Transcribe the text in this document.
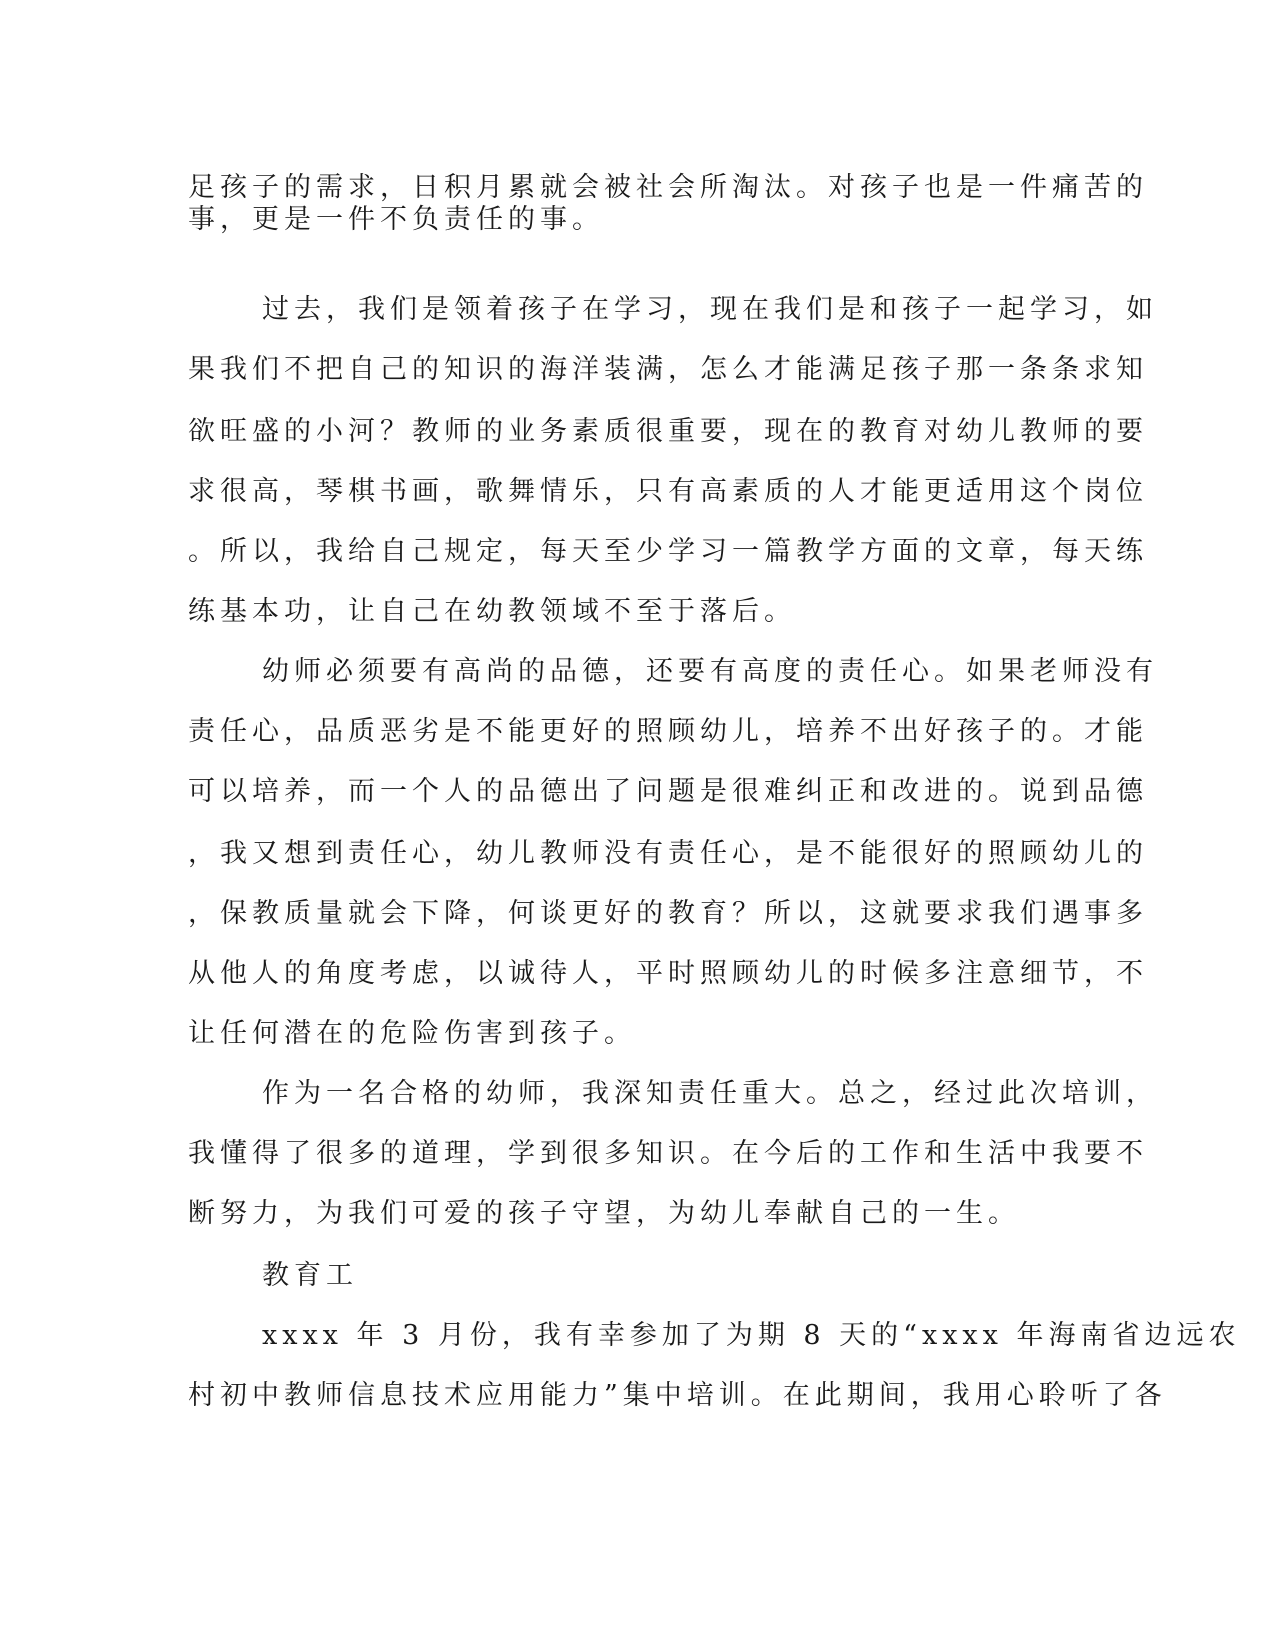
足孩子的需求，日积月累就会被社会所淘汰。对孩子也是一件痛苦的
事，更是一件不负责任的事。
过去，我们是领着孩子在学习，现在我们是和孩子一起学习，如
果我们不把自己的知识的海洋装满，怎么才能满足孩子那一条条求知
欲旺盛的小河？教师的业务素质很重要，现在的教育对幼儿教师的要
求很高，琴棋书画，歌舞情乐，只有高素质的人才能更适用这个岗位
。所以，我给自己规定，每天至少学习一篇教学方面的文章，每天练
练基本功，让自己在幼教领域不至于落后。
幼师必须要有高尚的品德，还要有高度的责任心。如果老师没有
责任心，品质恶劣是不能更好的照顾幼儿，培养不出好孩子的。才能
可以培养，而一个人的品德出了问题是很难纠正和改进的。说到品德
，我又想到责任心，幼儿教师没有责任心，是不能很好的照顾幼儿的
，保教质量就会下降，何谈更好的教育？所以，这就要求我们遇事多
从他人的角度考虑，以诚待人，平时照顾幼儿的时候多注意细节，不
让任何潜在的危险伤害到孩子。
作为一名合格的幼师，我深知责任重大。总之，经过此次培训，
我懂得了很多的道理，学到很多知识。在今后的工作和生活中我要不
断努力，为我们可爱的孩子守望，为幼儿奉献自己的一生。
教育工
xxxx 年 3 月份，我有幸参加了为期 8 天的“xxxx 年海南省边远农
村初中教师信息技术应用能力”集中培训。在此期间，我用心聆听了各
